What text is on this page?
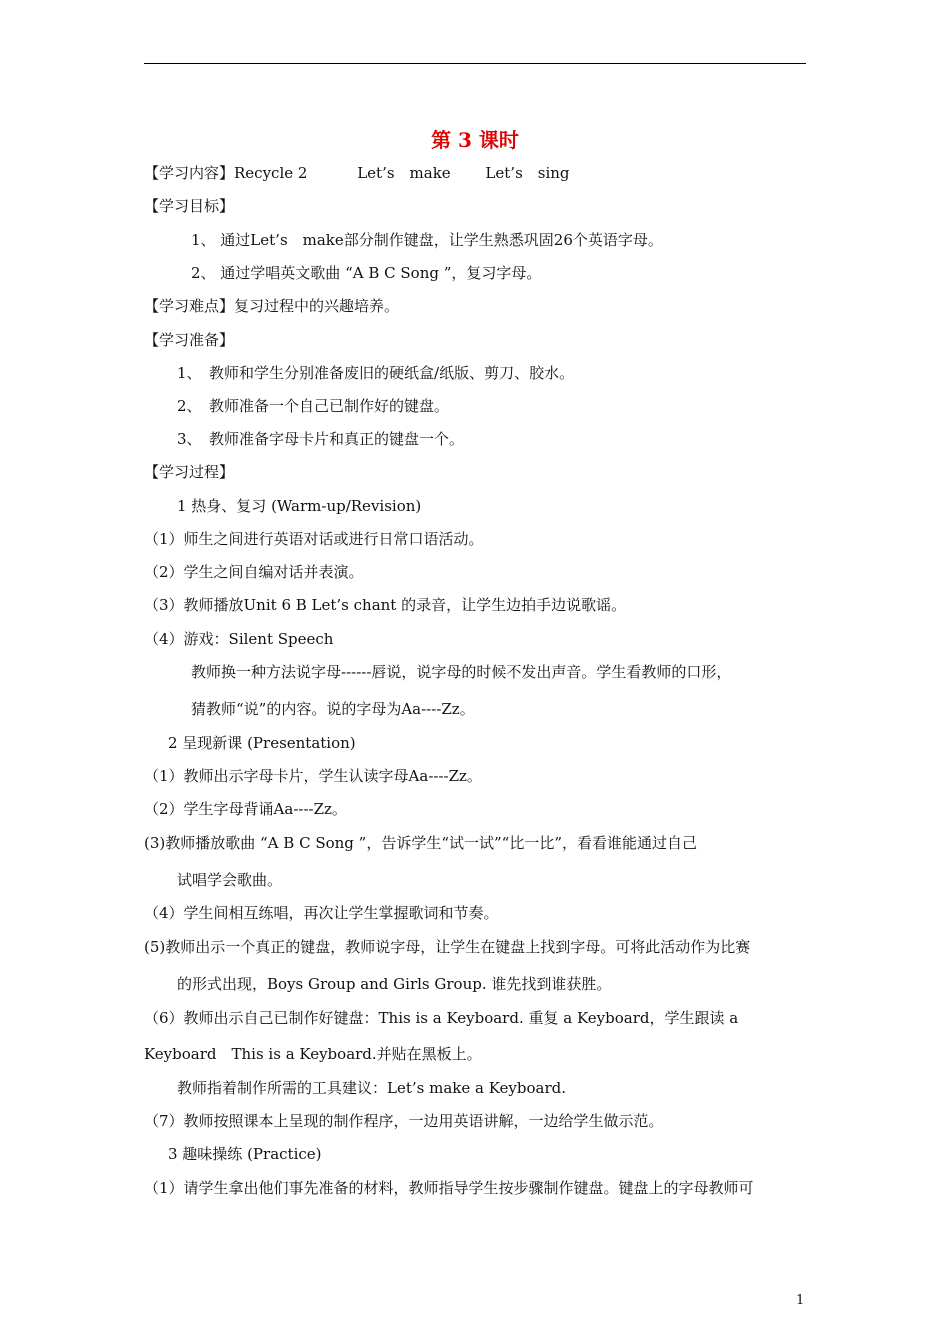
第 3 课时
【学习内容】Recycle 2　　　 Let’s　make　　 Let’s　sing
【学习目标】
1、 通过Let’s　make部分制作键盘，让学生熟悉巩固26个英语字母。
2、 通过学唱英文歌曲 “A B C Song ”，复习字母。
【学习难点】复习过程中的兴趣培养。
【学习准备】
1、　教师和学生分别准备废旧的硬纸盒/纸版、剪刀、胶水。
2、　教师准备一个自己已制作好的键盘。
3、　教师准备字母卡片和真正的键盘一个。
【学习过程】
1 热身、复习 (Warm-up/Revision)
（1）师生之间进行英语对话或进行日常口语活动。
（2）学生之间自编对话并表演。
（3）教师播放Unit 6 B Let’s chant 的录音，让学生边拍手边说歌谣。
（4）游戏：Silent Speech
教师换一种方法说字母------唇说，说字母的时候不发出声音。学生看教师的口形，
猜教师“说”的内容。说的字母为Aa----Zz。
2 呈现新课 (Presentation)
（1）教师出示字母卡片，学生认读字母Aa----Zz。
（2）学生字母背诵Aa----Zz。
(3)教师播放歌曲 “A B C Song ”，告诉学生“试一试”“比一比”，看看谁能通过自己
试唱学会歌曲。
（4）学生间相互练唱，再次让学生掌握歌词和节奏。
(5)教师出示一个真正的键盘，教师说字母，让学生在键盘上找到字母。可将此活动作为比赛
的形式出现，Boys Group and Girls Group. 谁先找到谁获胜。
（6）教师出示自己已制作好键盘：This is a Keyboard. 重复 a Keyboard，学生跟读 a
Keyboard　This is a Keyboard.并贴在黑板上。
教师指着制作所需的工具建议：Let’s make a Keyboard.
（7）教师按照课本上呈现的制作程序，一边用英语讲解，一边给学生做示范。
3 趣味操练 (Practice)
（1）请学生拿出他们事先准备的材料，教师指导学生按步骤制作键盘。键盘上的字母教师可
1
